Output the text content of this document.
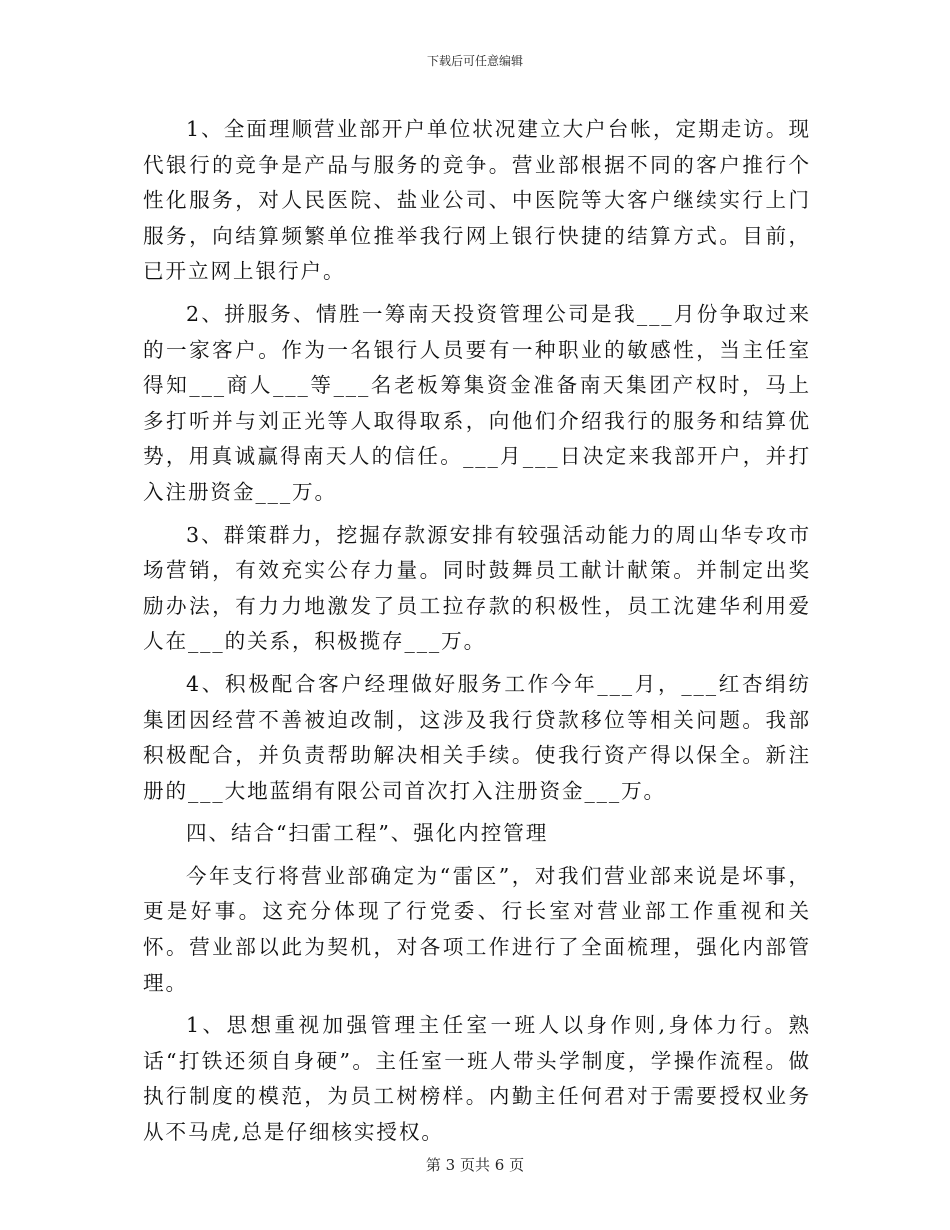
下载后可任意编辑

1、全面理顺营业部开户单位状况建立大户台帐，定期走访。现代银行的竞争是产品与服务的竞争。营业部根据不同的客户推行个性化服务，对人民医院、盐业公司、中医院等大客户继续实行上门服务，向结算频繁单位推举我行网上银行快捷的结算方式。目前，已开立网上银行户。

2、拼服务、情胜一筹南天投资管理公司是我___月份争取过来的一家客户。作为一名银行人员要有一种职业的敏感性，当主任室得知___商人___等___名老板筹集资金准备南天集团产权时，马上多打听并与刘正光等人取得取系，向他们介绍我行的服务和结算优势，用真诚赢得南天人的信任。___月___日决定来我部开户，并打入注册资金___万。

3、群策群力，挖掘存款源安排有较强活动能力的周山华专攻市场营销，有效充实公存力量。同时鼓舞员工献计献策。并制定出奖励办法，有力力地激发了员工拉存款的积极性，员工沈建华利用爱人在___的关系，积极揽存___万。

4、积极配合客户经理做好服务工作今年___月，___红杏绢纺集团因经营不善被迫改制，这涉及我行贷款移位等相关问题。我部积极配合，并负责帮助解决相关手续。使我行资产得以保全。新注册的___大地蓝绢有限公司首次打入注册资金___万。

四、结合“扫雷工程”、强化内控管理

今年支行将营业部确定为“雷区”，对我们营业部来说是坏事，更是好事。这充分体现了行党委、行长室对营业部工作重视和关怀。营业部以此为契机，对各项工作进行了全面梳理，强化内部管理。

1、思想重视加强管理主任室一班人以身作则,身体力行。熟话“打铁还须自身硬”。主任室一班人带头学制度，学操作流程。做执行制度的模范，为员工树榜样。内勤主任何君对于需要授权业务从不马虎,总是仔细核实授权。

第 3 页共 6 页
